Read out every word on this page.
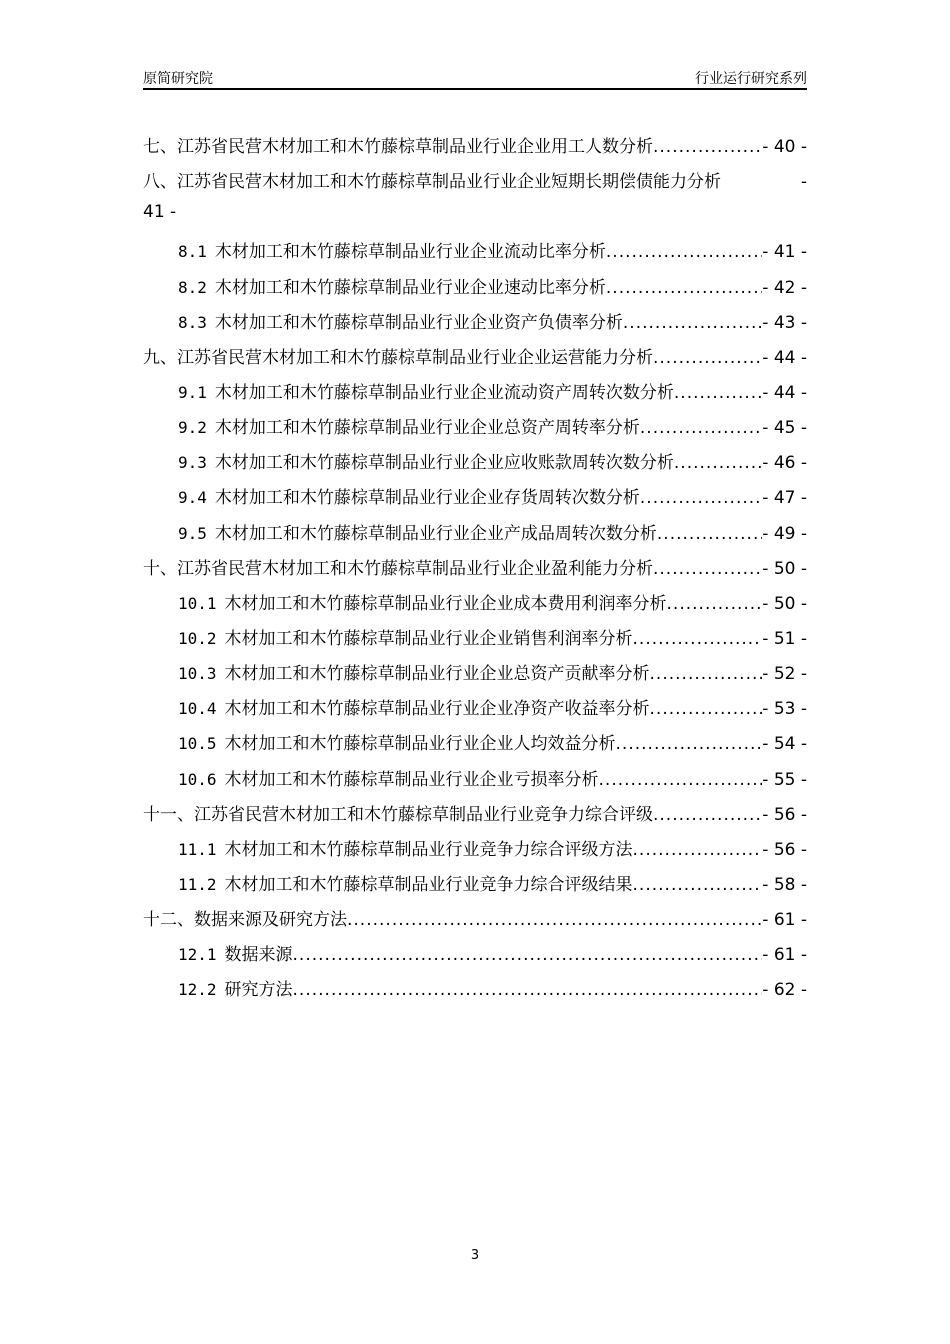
原简研究院	行业运行研究系列
七、江苏省民营木材加工和木竹藤棕草制品业行业企业用工人数分析 .....	- 40 -
八、江苏省民营木材加工和木竹藤棕草制品业行业企业短期长期偿债能力分析	-
41 -
8.1 木材加工和木竹藤棕草制品业行业企业流动比率分析 .....	- 41 -
8.2 木材加工和木竹藤棕草制品业行业企业速动比率分析 .....	- 42 -
8.3 木材加工和木竹藤棕草制品业行业企业资产负债率分析 .....	- 43 -
九、江苏省民营木材加工和木竹藤棕草制品业行业企业运营能力分析 .....	- 44 -
9.1 木材加工和木竹藤棕草制品业行业企业流动资产周转次数分析 .....	- 44 -
9.2 木材加工和木竹藤棕草制品业行业企业总资产周转率分析 .....	- 45 -
9.3 木材加工和木竹藤棕草制品业行业企业应收账款周转次数分析 .....	- 46 -
9.4 木材加工和木竹藤棕草制品业行业企业存货周转次数分析 .....	- 47 -
9.5 木材加工和木竹藤棕草制品业行业企业产成品周转次数分析 .....	- 49 -
十、江苏省民营木材加工和木竹藤棕草制品业行业企业盈利能力分析 .....	- 50 -
10.1 木材加工和木竹藤棕草制品业行业企业成本费用利润率分析 .....	- 50 -
10.2 木材加工和木竹藤棕草制品业行业企业销售利润率分析 .....	- 51 -
10.3 木材加工和木竹藤棕草制品业行业企业总资产贡献率分析 .....	- 52 -
10.4 木材加工和木竹藤棕草制品业行业企业净资产收益率分析 .....	- 53 -
10.5 木材加工和木竹藤棕草制品业行业企业人均效益分析 .....	- 54 -
10.6 木材加工和木竹藤棕草制品业行业企业亏损率分析 .....	- 55 -
十一、江苏省民营木材加工和木竹藤棕草制品业行业竞争力综合评级 .....	- 56 -
11.1 木材加工和木竹藤棕草制品业行业竞争力综合评级方法 .....	- 56 -
11.2 木材加工和木竹藤棕草制品业行业竞争力综合评级结果 .....	- 58 -
十二、数据来源及研究方法 .....	- 61 -
12.1 数据来源 .....	- 61 -
12.2 研究方法 .....	- 62 -
3
